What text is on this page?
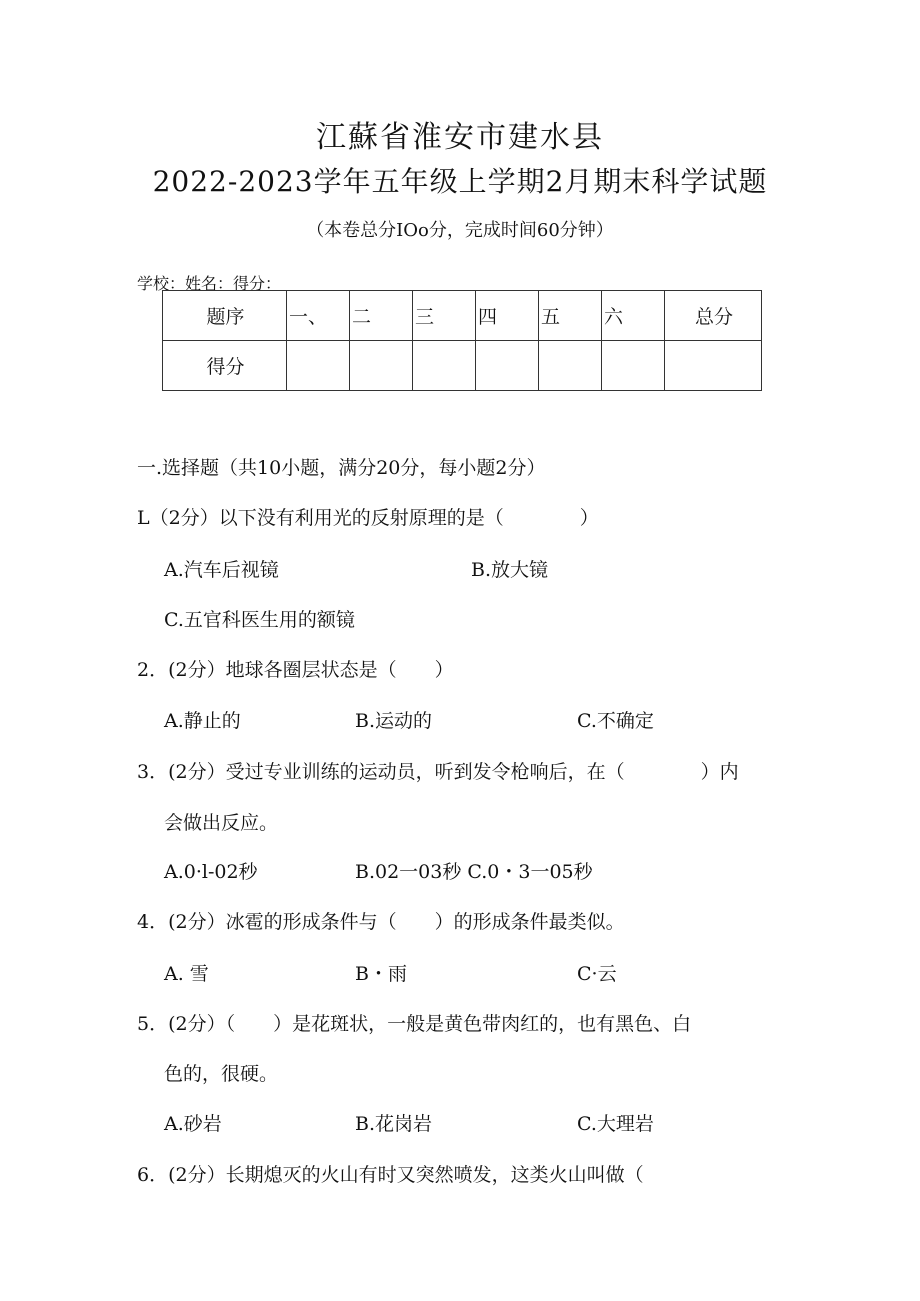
江蘇省淮安市建水县
2022-2023学年五年级上学期2月期末科学试题
（本卷总分IOo分，完成时间60分钟）
学校：姓名：得分：
题序	一、	二	三	四	五	六	总分
得分							
一.选择题（共10小题，满分20分，每小题2分）
L（2分）以下没有利用光的反射原理的是（　　　　）
A.汽车后视镜	B.放大镜
C.五官科医生用的额镜
2．(2分）地球各圈层状态是（　　）
A.静止的	B.运动的	C.不确定
3．(2分）受过专业训练的运动员，听到发令枪响后，在（　　　　）内
会做出反应。
A.0·l-02秒	B.02一03秒 C.0・3一05秒
4．(2分）冰雹的形成条件与（　　）的形成条件最类似。
A. 雪	B・雨	C·云
5．(2分）（　　）是花斑状，一般是黄色带肉红的，也有黑色、白
色的，很硬。
A.砂岩	B.花岗岩	C.大理岩
6．(2分）长期熄灭的火山有时又突然喷发，这类火山叫做（
